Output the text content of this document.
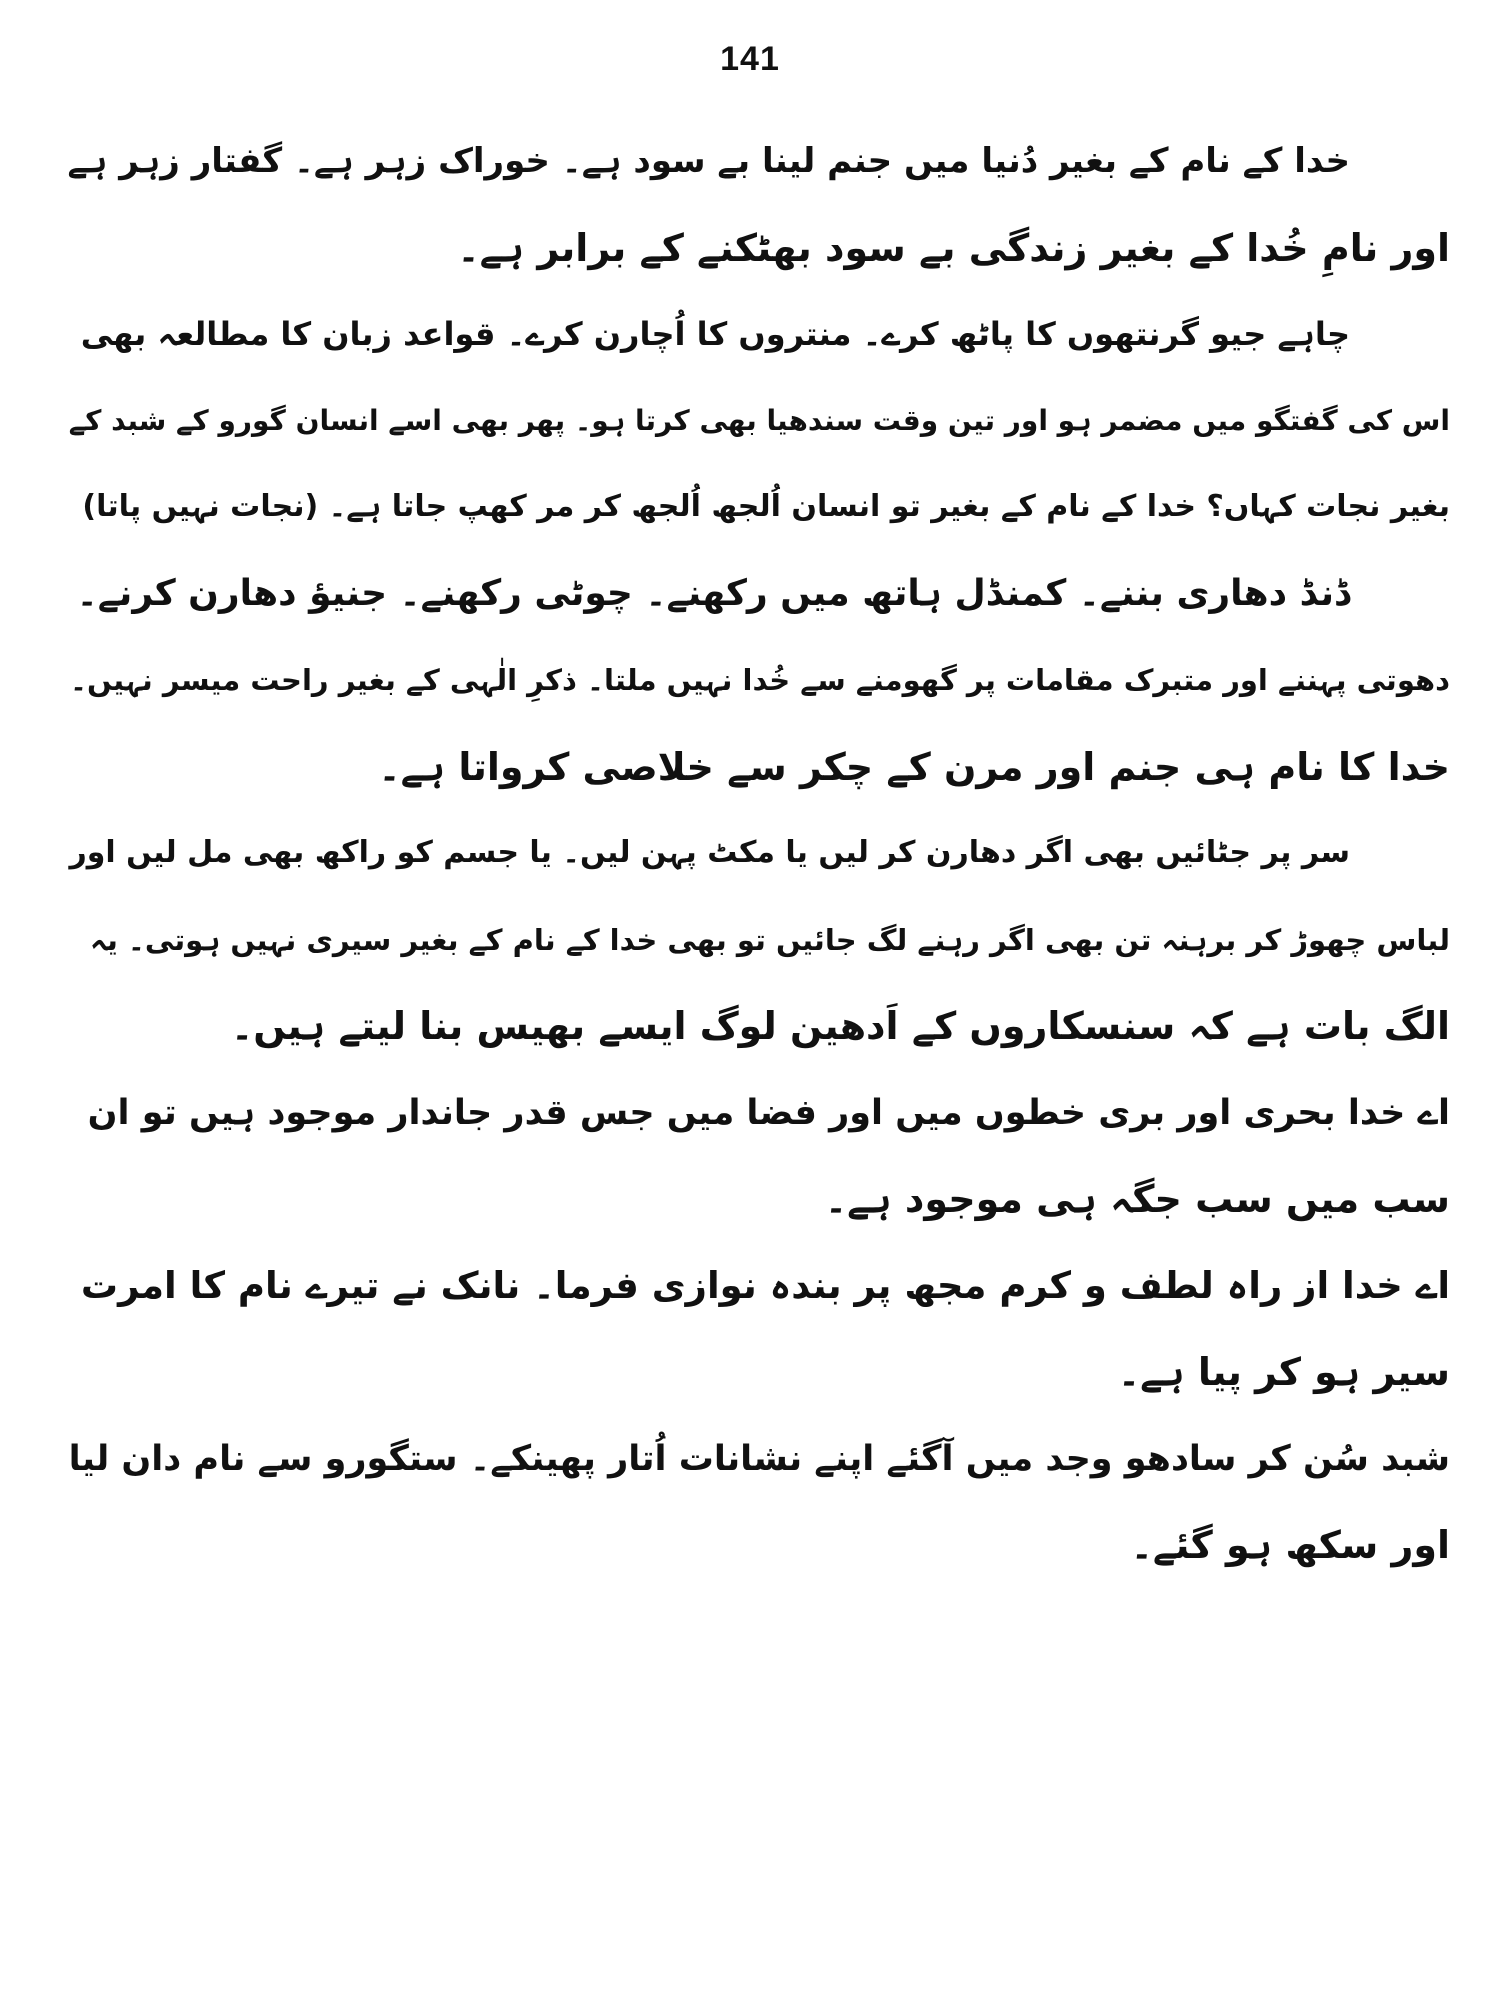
141
خدا کے نام کے بغیر دُنیا میں جنم لینا بے سود ہے۔ خوراک زہر ہے۔ گفتار زہر ہے
اور نامِ خُدا کے بغیر زندگی بے سود بھٹکنے کے برابر ہے۔
چاہے جیو گرنتھوں کا پاٹھ کرے۔ منتروں کا اُچارن کرے۔ قواعد زبان کا مطالعہ بھی
اس کی گفتگو میں مضمر ہو اور تین وقت سندھیا بھی کرتا ہو۔ پھر بھی اسے انسان گورو کے شبد کے
بغیر نجات کہاں؟ خدا کے نام کے بغیر تو انسان اُلجھ اُلجھ کر مر کھپ جاتا ہے۔ (نجات نہیں پاتا)
ڈنڈ دھاری بننے۔ کمنڈل ہاتھ میں رکھنے۔ چوٹی رکھنے۔ جنیؤ دھارن کرنے۔
دھوتی پہننے اور متبرک مقامات پر گھومنے سے خُدا نہیں ملتا۔ ذکرِ الٰہی کے بغیر راحت میسر نہیں۔
خدا کا نام ہی جنم اور مرن کے چکر سے خلاصی کرواتا ہے۔
سر پر جٹائیں بھی اگر دھارن کر لیں یا مکٹ پہن لیں۔ یا جسم کو راکھ بھی مل لیں اور
لباس چھوڑ کر برہنہ تن بھی اگر رہنے لگ جائیں تو بھی خدا کے نام کے بغیر سیری نہیں ہوتی۔ یہ
الگ بات ہے کہ سنسکاروں کے اَدھین لوگ ایسے بھیس بنا لیتے ہیں۔
اے خدا بحری اور بری خطوں میں اور فضا میں جس قدر جاندار موجود ہیں تو ان
سب میں سب جگہ ہی موجود ہے۔
اے خدا از راہ لطف و کرم مجھ پر بندہ نوازی فرما۔ نانک نے تیرے نام کا امرت
سیر ہو کر پیا ہے۔
شبد سُن کر سادھو وجد میں آگئے اپنے نشانات اُتار پھینکے۔ ستگورو سے نام دان لیا
اور سکھ ہو گئے۔
